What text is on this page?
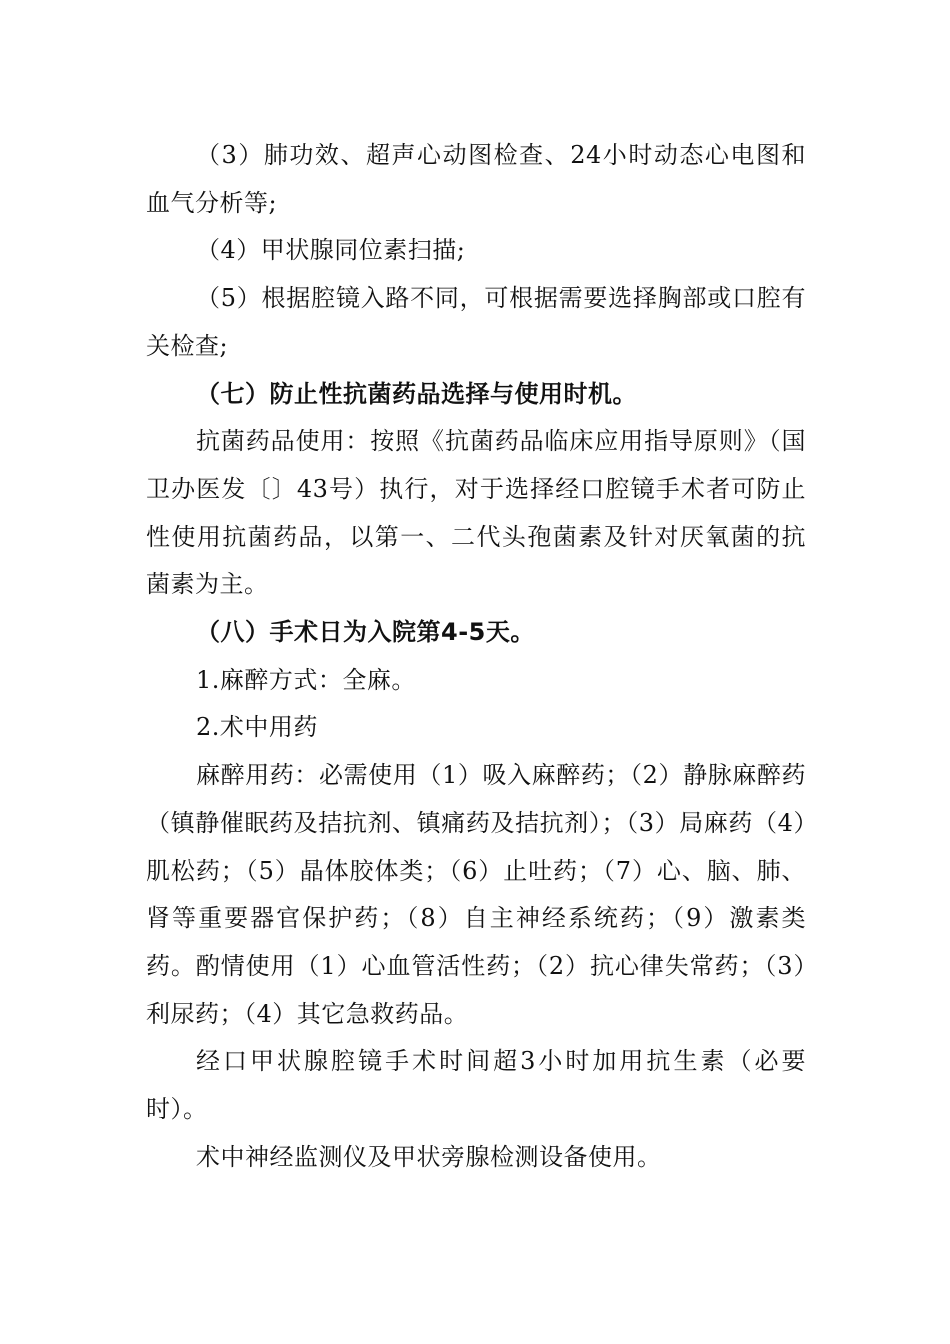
（3）肺功效、超声心动图检查、24小时动态心电图和血气分析等;

（4）甲状腺同位素扫描;

（5）根据腔镜入路不同，可根据需要选择胸部或口腔有关检查;

（七）防止性抗菌药品选择与使用时机。

抗菌药品使用：按照《抗菌药品临床应用指导原则》（国卫办医发〔〕43号）执行，对于选择经口腔镜手术者可防止性使用抗菌药品，以第一、二代头孢菌素及针对厌氧菌的抗菌素为主。

（八）手术日为入院第4-5天。

1.麻醉方式：全麻。

2.术中用药

麻醉用药：必需使用（1）吸入麻醉药；（2）静脉麻醉药（镇静催眠药及拮抗剂、镇痛药及拮抗剂）；（3）局麻药（4）肌松药；（5）晶体胶体类；（6）止吐药；（7）心、脑、肺、肾等重要器官保护药；（8）自主神经系统药；（9）激素类药。酌情使用（1）心血管活性药；（2）抗心律失常药；（3）利尿药；（4）其它急救药品。

经口甲状腺腔镜手术时间超3小时加用抗生素（必要时）。

术中神经监测仪及甲状旁腺检测设备使用。
